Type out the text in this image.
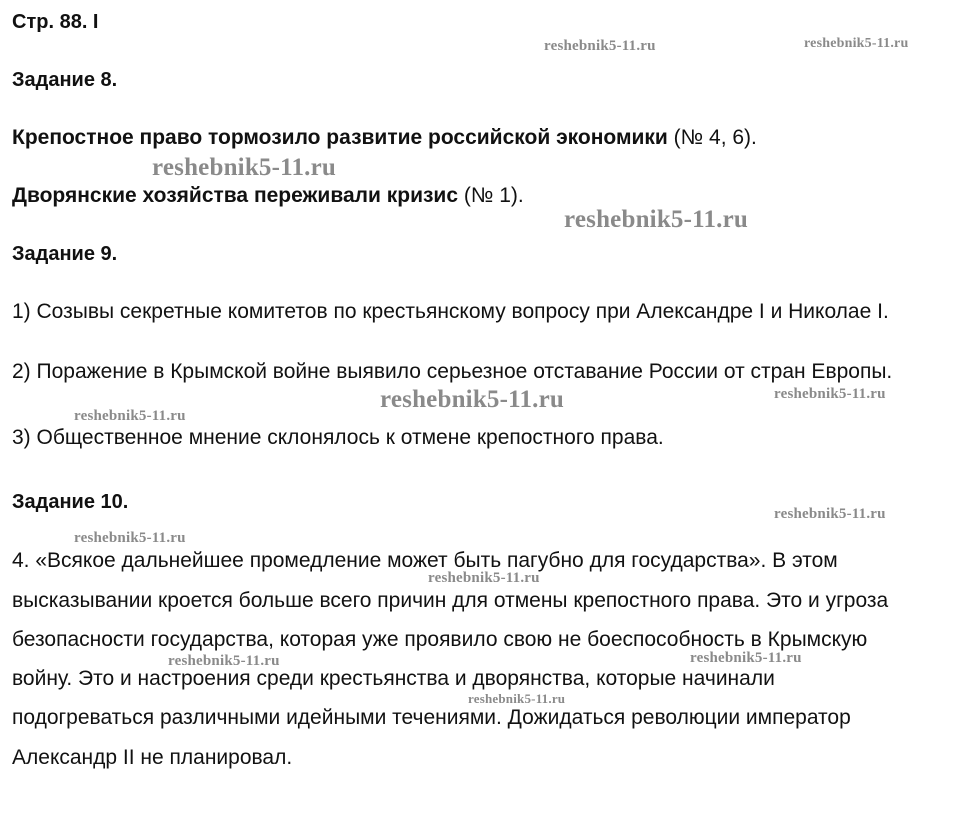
Стр. 88. І
Задание 8.
Крепостное право тормозило развитие российской экономики (№ 4, 6).
Дворянские хозяйства переживали кризис (№ 1).
Задание 9.
1) Созывы секретные комитетов по крестьянскому вопросу при Александре I и Николае I.
2) Поражение в Крымской войне выявило серьезное отставание России от стран Европы.
3) Общественное мнение склонялось к отмене крепостного права.
Задание 10.
4. «Всякое дальнейшее промедление может быть пагубно для государства». В этом
высказывании кроется больше всего причин для отмены крепостного права. Это и угроза
безопасности государства, которая уже проявило свою не боеспособность в Крымскую
войну. Это и настроения среди крестьянства и дворянства, которые начинали
подогреваться различными идейными течениями. Дожидаться революции император
Александр II не планировал.
reshebnik5-11.ru	reshebnik5-11.ru
reshebnik5-11.ru
reshebnik5-11.ru
reshebnik5-11.ru
reshebnik5-11.ru
reshebnik5-11.ru
reshebnik5-11.ru
reshebnik5-11.ru
reshebnik5-11.ru
reshebnik5-11.ru	reshebnik5-11.ru
reshebnik5-11.ru
